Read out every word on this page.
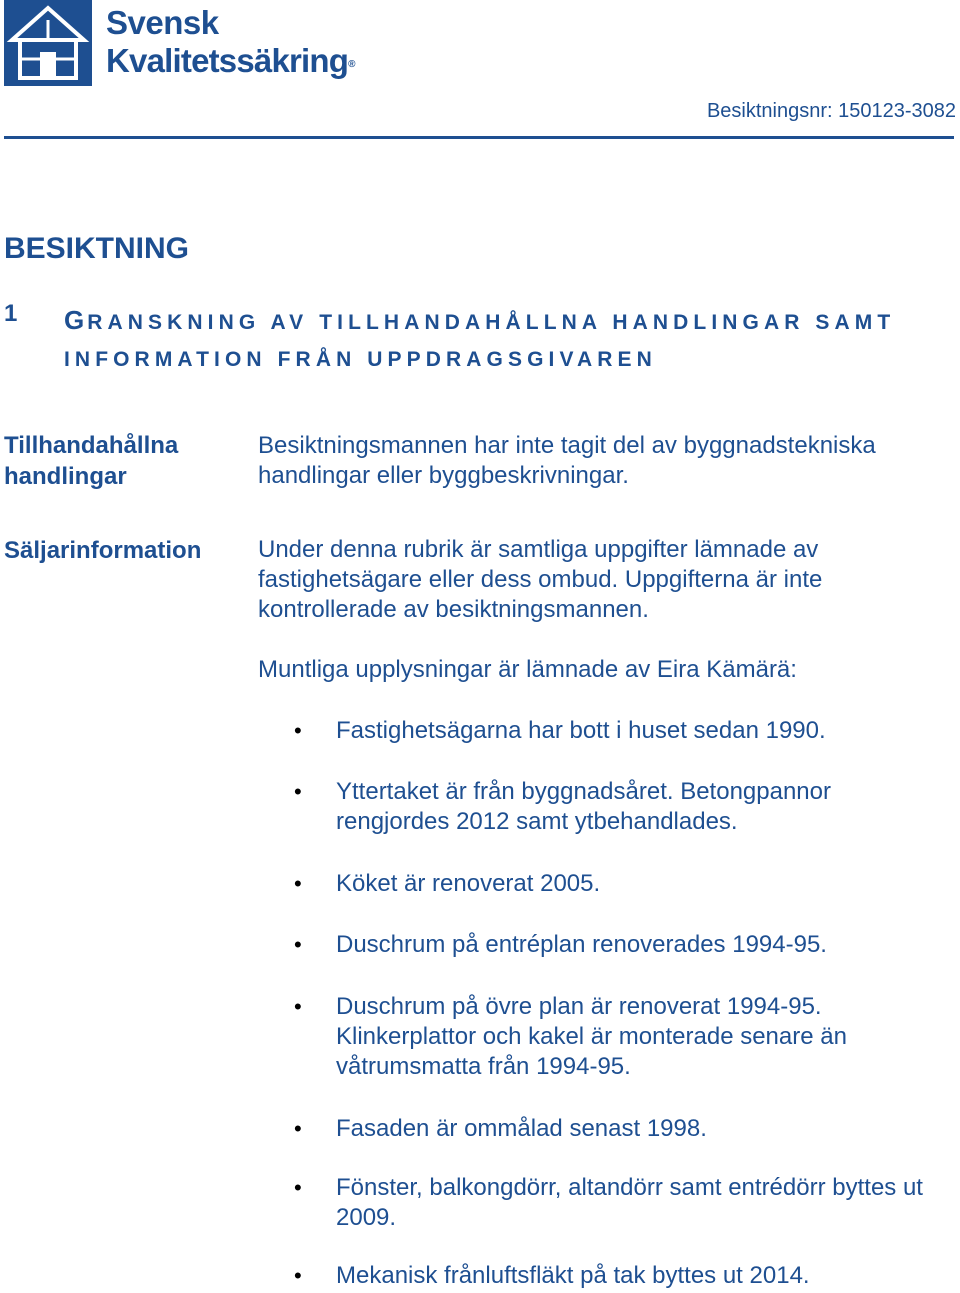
Svensk
Kvalitetssäkring®
Besiktningsnr: 150123-3082
BESIKTNING
1 GRANSKNING AV TILLHANDAHÅLLNA HANDLINGAR SAMT INFORMATION FRÅN UPPDRAGSGIVAREN
Tillhandahållna
handlingar
Besiktningsmannen har inte tagit del av byggnadstekniska handlingar eller byggbeskrivningar.
Säljarinformation Under denna rubrik är samtliga uppgifter lämnade av fastighetsägare eller dess ombud. Uppgifterna är inte kontrollerade av besiktningsmannen.
Muntliga upplysningar är lämnade av Eira Kämärä:
• Fastighetsägarna har bott i huset sedan 1990.
• Yttertaket är från byggnadsåret. Betongpannor rengjordes 2012 samt ytbehandlades.
• Köket är renoverat 2005.
• Duschrum på entréplan renoverades 1994-95.
• Duschrum på övre plan är renoverat 1994-95. Klinkerplattor och kakel är monterade senare än våtrumsmatta från 1994-95.
• Fasaden är ommålad senast 1998.
• Fönster, balkongdörr, altandörr samt entrédörr byttes ut 2009.
• Mekanisk frånluftsfläkt på tak byttes ut 2014.
